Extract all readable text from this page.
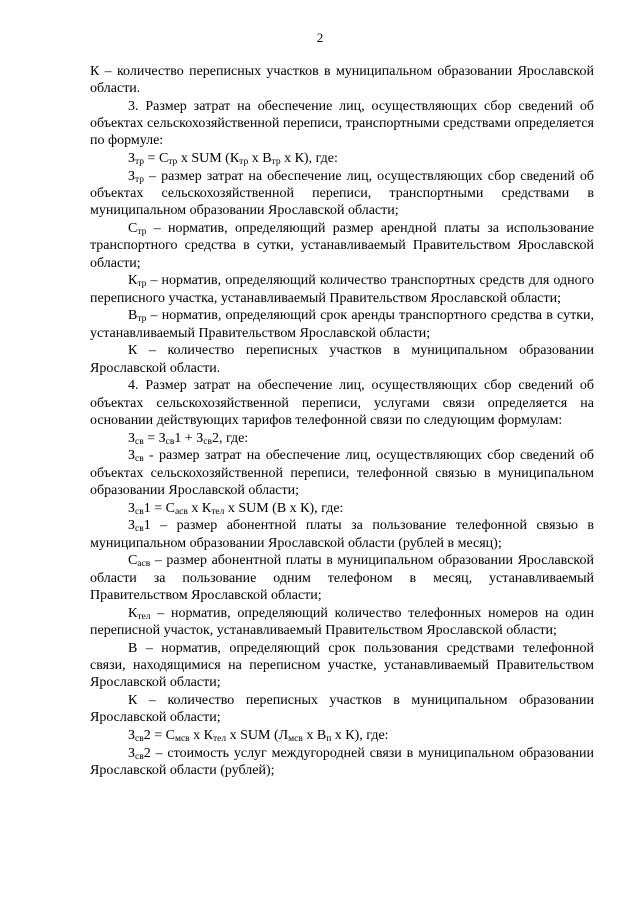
2

К – количество переписных участков в муниципальном образовании Ярославской области.

3. Размер затрат на обеспечение лиц, осуществляющих сбор сведений об объектах сельскохозяйственной переписи, транспортными средствами определяется по формуле:

$З_{тр} = С_{тр}$ х SUM ($К_{тр}$ х $В_{тр}$ х К), где:

$З_{тр}$ – размер затрат на обеспечение лиц, осуществляющих сбор сведений об объектах сельскохозяйственной переписи, транспортными средствами в муниципальном образовании Ярославской области;

$С_{тр}$ – норматив, определяющий размер арендной платы за использование транспортного средства в сутки, устанавливаемый Правительством Ярославской области;

$К_{тр}$ – норматив, определяющий количество транспортных средств для одного переписного участка, устанавливаемый Правительством Ярославской области;

$В_{тр}$ – норматив, определяющий срок аренды транспортного средства в сутки, устанавливаемый Правительством Ярославской области;

К – количество переписных участков в муниципальном образовании Ярославской области.

4. Размер затрат на обеспечение лиц, осуществляющих сбор сведений об объектах сельскохозяйственной переписи, услугами связи определяется на основании действующих тарифов телефонной связи по следующим формулам:

$З_{св} = З_{св}1 + З_{св}2$, где:

$З_{св}$ - размер затрат на обеспечение лиц, осуществляющих сбор сведений об объектах сельскохозяйственной переписи, телефонной связью в муниципальном образовании Ярославской области;

$З_{св}1 = С_{асв}$ х $К_{тел}$ х SUM (В х К), где:

$З_{св}1$ – размер абонентной платы за пользование телефонной связью в муниципальном образовании Ярославской области (рублей в месяц);

$С_{асв}$ – размер абонентной платы в муниципальном образовании Ярославской области за пользование одним телефоном в месяц, устанавливаемый Правительством Ярославской области;

$К_{тел}$ – норматив, определяющий количество телефонных номеров на один переписной участок, устанавливаемый Правительством Ярославской области;

В – норматив, определяющий срок пользования средствами телефонной связи, находящимися на переписном участке, устанавливаемый Правительством Ярославской области;

К – количество переписных участков в муниципальном образовании Ярославской области;

$З_{св}2 = С_{мсв}$ х $К_{тел}$ х SUM ($Л_{мсв}$ х $В_п$ х К), где:

$З_{св}2$ – стоимость услуг междугородней связи в муниципальном образовании Ярославской области (рублей);
